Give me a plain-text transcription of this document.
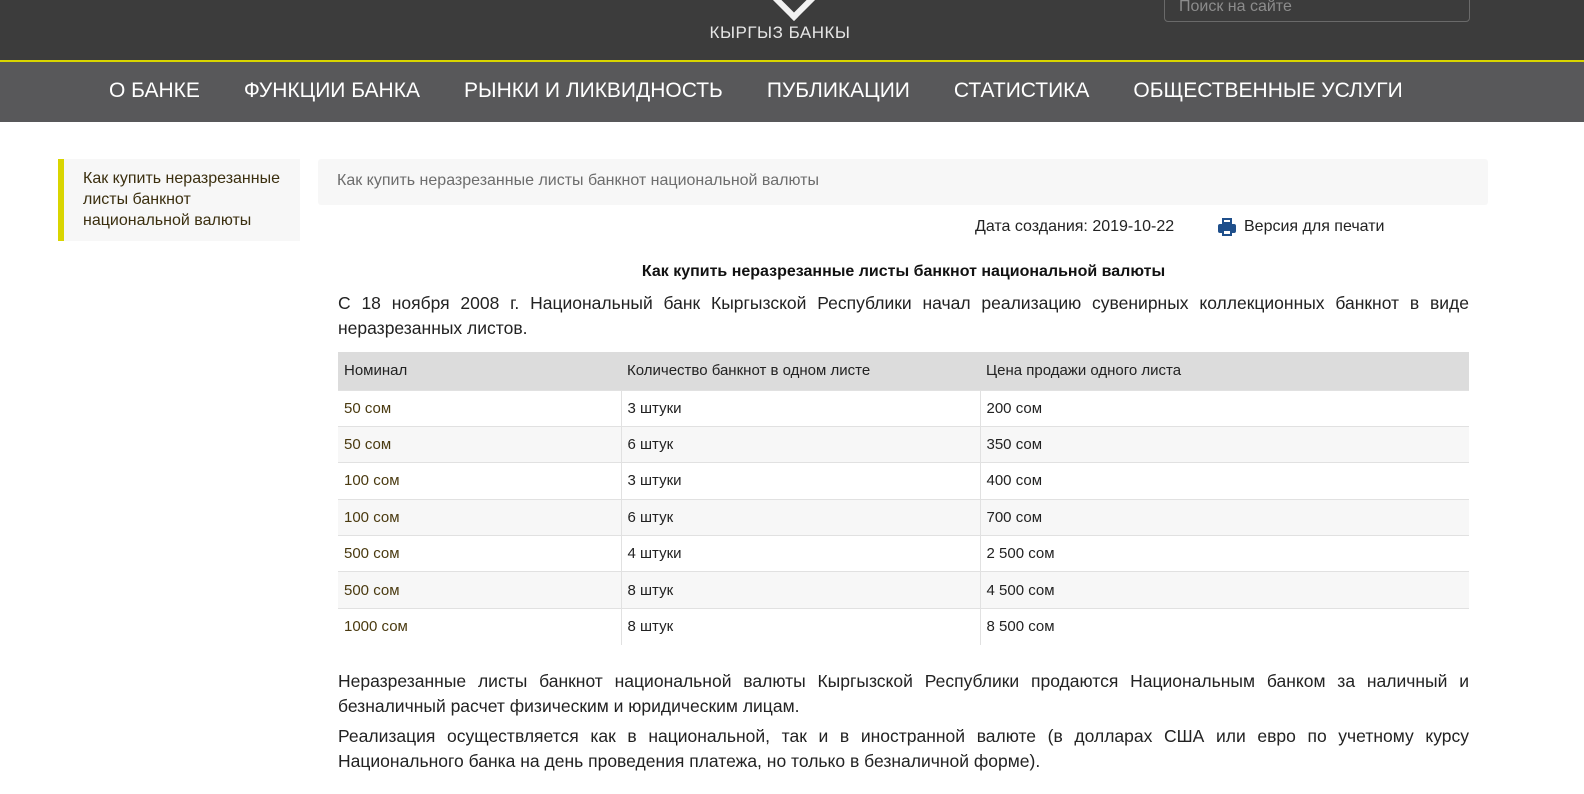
КЫРГЫЗ БАНКЫ
Поиск на сайте
О БАНКЕ ФУНКЦИИ БАНКА РЫНКИ И ЛИКВИДНОСТЬ ПУБЛИКАЦИИ СТАТИСТИКА ОБЩЕСТВЕННЫЕ УСЛУГИ
Как купить неразрезанные листы банкнот национальной валюты
Как купить неразрезанные листы банкнот национальной валюты
Дата создания: 2019-10-22	Версия для печати
Как купить неразрезанные листы банкнот национальной валюты
С 18 ноября 2008 г. Национальный банк Кыргызской Республики начал реализацию сувенирных коллекционных банкнот в виде неразрезанных листов.
Номинал	Количество банкнот в одном листе	Цена продажи одного листа
50 сом	3 штуки	200 сом
50 сом	6 штук	350 сом
100 сом	3 штуки	400 сом
100 сом	6 штук	700 сом
500 сом	4 штуки	2 500 сом
500 сом	8 штук	4 500 сом
1000 сом	8 штук	8 500 сом
Неразрезанные листы банкнот национальной валюты Кыргызской Республики продаются Национальным банком за наличный и безналичный расчет физическим и юридическим лицам.
Реализация осуществляется как в национальной, так и в иностранной валюте (в долларах США или евро по учетному курсу Национального банка на день проведения платежа, но только в безналичной форме).
